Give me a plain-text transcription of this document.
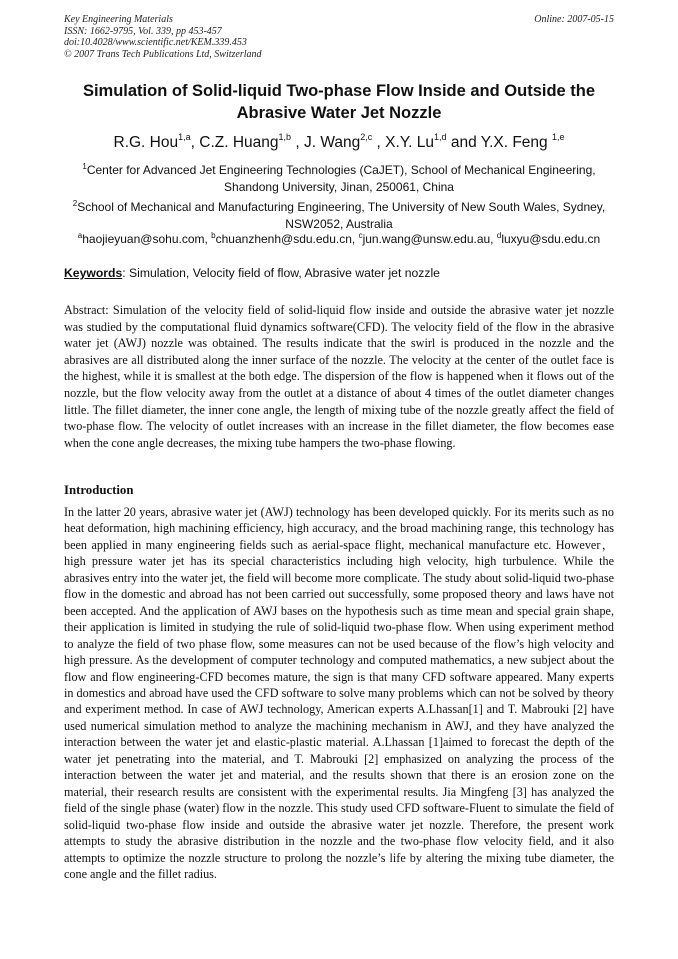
Key Engineering Materials
ISSN: 1662-9795, Vol. 339, pp 453-457
doi:10.4028/www.scientific.net/KEM.339.453
© 2007 Trans Tech Publications Ltd, Switzerland
Online: 2007-05-15
Simulation of Solid-liquid Two-phase Flow Inside and Outside the Abrasive Water Jet Nozzle
R.G. Hou$^{1,a}$, C.Z. Huang$^{1,b}$ , J. Wang$^{2,c}$ , X.Y. Lu$^{1,d}$ and Y.X. Feng $^{1,e}$
$^1$Center for Advanced Jet Engineering Technologies (CaJET), School of Mechanical Engineering, Shandong University, Jinan, 250061, China
$^2$School of Mechanical and Manufacturing Engineering, The University of New South Wales, Sydney, NSW2052, Australia
$^a$haojieyuan@sohu.com, $^b$chuanzhenh@sdu.edu.cn, $^c$jun.wang@unsw.edu.au, $^d$luxyu@sdu.edu.cn
Keywords: Simulation, Velocity field of flow, Abrasive water jet nozzle

Abstract: Simulation of the velocity field of solid-liquid flow inside and outside the abrasive water jet nozzle was studied by the computational fluid dynamics software(CFD). The velocity field of the flow in the abrasive water jet (AWJ) nozzle was obtained. The results indicate that the swirl is produced in the nozzle and the abrasives are all distributed along the inner surface of the nozzle. The velocity at the center of the outlet face is the highest, while it is smallest at the both edge. The dispersion of the flow is happened when it flows out of the nozzle, but the flow velocity away from the outlet at a distance of about 4 times of the outlet diameter changes little. The fillet diameter, the inner cone angle, the length of mixing tube of the nozzle greatly affect the field of two-phase flow. The velocity of outlet increases with an increase in the fillet diameter, the flow becomes ease when the cone angle decreases, the mixing tube hampers the two-phase flowing.

Introduction

In the latter 20 years, abrasive water jet (AWJ) technology has been developed quickly. For its merits such as no heat deformation, high machining efficiency, high accuracy, and the broad machining range, this technology has been applied in many engineering fields such as aerial-space flight, mechanical manufacture etc. However， high pressure water jet has its special characteristics including high velocity, high turbulence. While the abrasives entry into the water jet, the field will become more complicate. The study about solid-liquid two-phase flow in the domestic and abroad has not been carried out successfully, some proposed theory and laws have not been accepted. And the application of AWJ bases on the hypothesis such as time mean and special grain shape, their application is limited in studying the rule of solid-liquid two-phase flow. When using experiment method to analyze the field of two phase flow, some measures can not be used because of the flow’s high velocity and high pressure. As the development of computer technology and computed mathematics, a new subject about the flow and flow engineering-CFD becomes mature, the sign is that many CFD software appeared. Many experts in domestics and abroad have used the CFD software to solve many problems which can not be solved by theory and experiment method. In case of AWJ technology, American experts A.Lhassan[1] and T. Mabrouki [2] have used numerical simulation method to analyze the machining mechanism in AWJ, and they have analyzed the interaction between the water jet and elastic-plastic material. A.Lhassan [1]aimed to forecast the depth of the water jet penetrating into the material, and T. Mabrouki [2] emphasized on analyzing the process of the interaction between the water jet and material, and the results shown that there is an erosion zone on the material, their research results are consistent with the experimental results. Jia Mingfeng [3] has analyzed the field of the single phase (water) flow in the nozzle. This study used CFD software-Fluent to simulate the field of solid-liquid two-phase flow inside and outside the abrasive water jet nozzle. Therefore, the present work attempts to study the abrasive distribution in the nozzle and the two-phase flow velocity field, and it also attempts to optimize the nozzle structure to prolong the nozzle’s life by altering the mixing tube diameter, the cone angle and the fillet radius.
